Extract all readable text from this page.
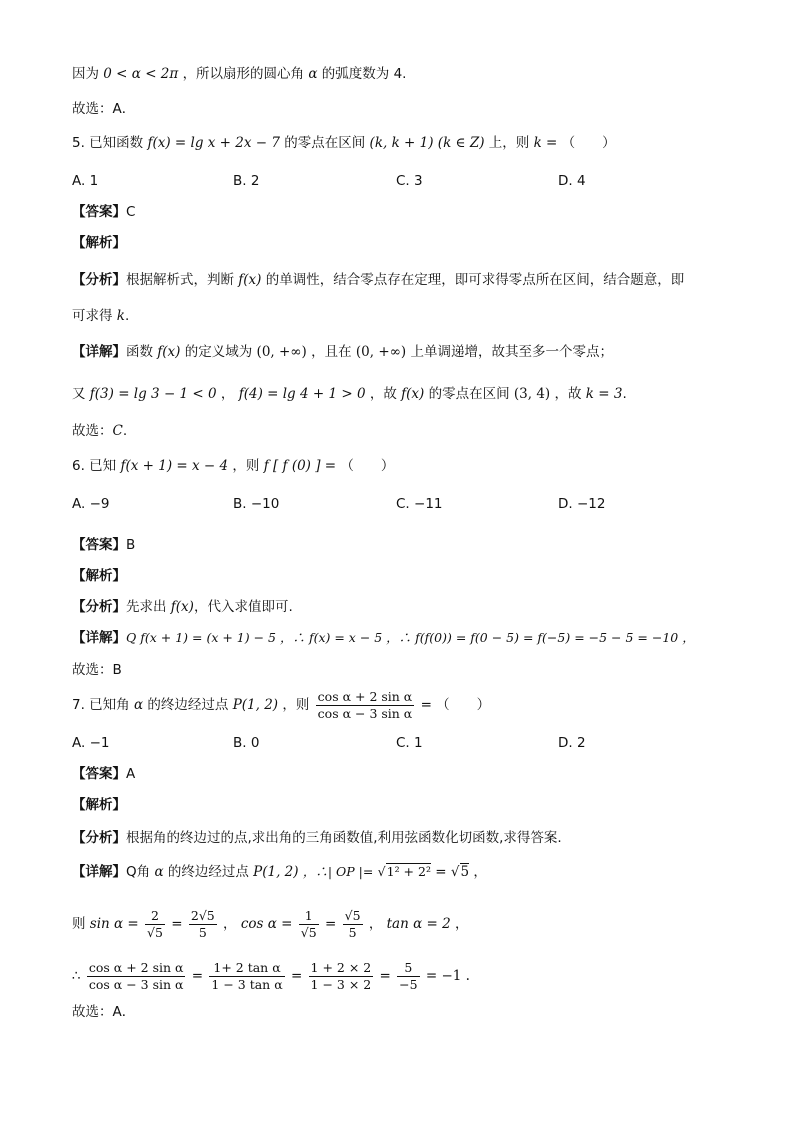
因为 0 < α < 2π ，所以扇形的圆心角 α 的弧度数为 4.
故选：A．
5. 已知函数 f(x) = lg x + 2x − 7 的零点在区间 (k, k + 1) (k ∈ Z) 上，则 k = （　　）
A. 1	B. 2	C. 3	D. 4
【答案】C
【解析】
【分析】根据解析式，判断 f(x) 的单调性，结合零点存在定理，即可求得零点所在区间，结合题意，即
可求得 k.
【详解】函数 f(x) 的定义域为 (0, +∞) ，且在 (0, +∞) 上单调递增，故其至多一个零点；
又 f(3) = lg 3 − 1 < 0 ， f(4) = lg 4 + 1 > 0 ，故 f(x) 的零点在区间 (3, 4) ，故 k = 3.
故选：C.
6. 已知 f(x + 1) = x − 4 ，则 f [ f (0) ] = （　　）
A. −9	B. −10	C. −11	D. −12
【答案】B
【解析】
【分析】先求出 f(x)，代入求值即可.
【详解】Q f(x + 1) = (x + 1) − 5 ，∴ f(x) = x − 5 ，∴ f(f(0)) = f(0 − 5) = f(−5) = −5 − 5 = −10 ，
故选：B
7. 已知角 α 的终边经过点 P(1, 2) ，则 $\frac{\text{cos α + 2 sin α}}{\text{cos α − 3 sin α}}$ = （　　）
A. −1	B. 0	C. 1	D. 2
【答案】A
【解析】
【分析】根据角的终边过的点,求出角的三角函数值,利用弦函数化切函数,求得答案.
【详解】Q角 α 的终边经过点 P(1, 2) ，∴| OP |= √1² + 2² = √5 ，
则 $\sin \alpha = \frac{2}{√5} = \frac{2√5}{5}$ ， $\cos \alpha = \frac{1}{√5} = \frac{√5}{5}$ ， tan α = 2 ，
∴ $\frac{\text{cos α + 2 sin α}}{\text{cos α − 3 sin α}} = \frac{\text{1+ 2 tan α}}{\text{1 − 3 tan α}} = \frac{1 + 2 \times 2}{1 - 3 \times 2} = \frac{5}{-5} = -1$ .
故选：A．
